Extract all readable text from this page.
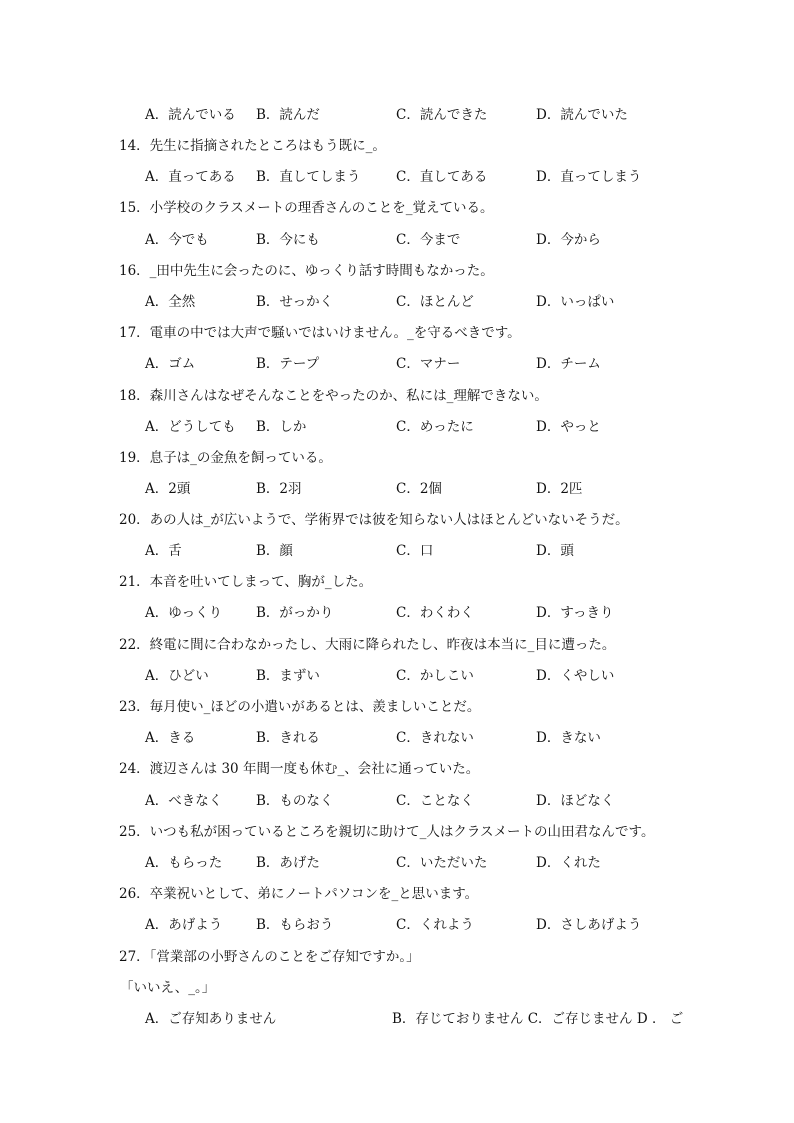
A．読んでいる B．読んだ	C．読んできた	D．読んでいた
14．先生に指摘されたところはもう既に_。
A．直ってある B．直してしまう	C．直してある	D．直ってしまう
15．小学校のクラスメートの理香さんのことを_覚えている。
A．今でも	B．今にも	C．今まで	D．今から
16．_田中先生に会ったのに、ゆっくり話す時間もなかった。
A．全然	B．せっかく	C．ほとんど	D．いっぱい
17．電車の中では大声で騒いではいけません。_を守るべきです。
A．ゴム	B．テープ	C．マナー	D．チーム
18．森川さんはなぜそんなことをやったのか、私には_理解できない。
A．どうしても B．しか	C．めったに	D．やっと
19．息子は_の金魚を飼っている。
A．2頭	B．2羽	C．2個	D．2匹
20．あの人は_が広いようで、学術界では彼を知らない人はほとんどいないそうだ。
A．舌	B．顔	C．口	D．頭
21．本音を吐いてしまって、胸が_した。
A．ゆっくり	B．がっかり	C．わくわく	D．すっきり
22．終電に間に合わなかったし、大雨に降られたし、昨夜は本当に_目に遭った。
A．ひどい	B．まずい	C．かしこい	D．くやしい
23．毎月使い_ほどの小遣いがあるとは、羨ましいことだ。
A．きる	B．きれる	C．きれない	D．きない
24．渡辺さんは 30 年間一度も休む_、会社に通っていた。
A．べきなく	B．ものなく	C．ことなく	D．ほどなく
25．いつも私が困っているところを親切に助けて_人はクラスメートの山田君なんです。
A．もらった	B．あげた	C．いただいた	D．くれた
26．卒業祝いとして、弟にノートパソコンを_と思います。
A．あげよう	B．もらおう	C．くれよう	D．さしあげよう
27．「営業部の小野さんのことをご存知ですか。」
「いいえ、_。」
A．ご存知ありません	B．存じておりません C．ご存じません D ． ご
